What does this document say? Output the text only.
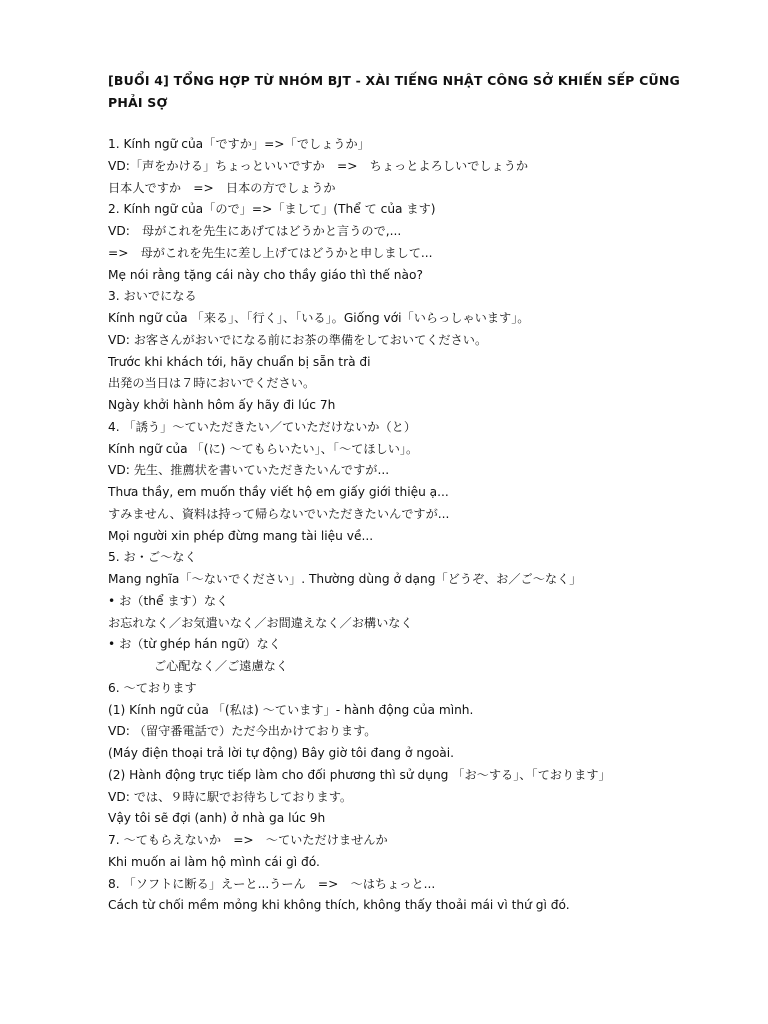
[BUỔI 4] TỔNG HỢP TỪ NHÓM BJT - XÀI TIẾNG NHẬT CÔNG SỞ KHIẾN SẾP CŨNG PHẢI SỢ
1. Kính ngữ của「ですか」=>「でしょうか」
VD:「声をかける」ちょっといいですか　=>　ちょっとよろしいでしょうか
日本人ですか　=>　日本の方でしょうか
2. Kính ngữ của「ので」=>「まして」(Thể て của ます)
VD:　母がこれを先生にあげてはどうかと言うので,...
=>　母がこれを先生に差し上げてはどうかと申しまして...
Mẹ nói rằng tặng cái này cho thầy giáo thì thế nào?
3. おいでになる
Kính ngữ của 「来る」、「行く」、「いる」。Giống với「いらっしゃいます」。
VD: お客さんがおいでになる前にお茶の準備をしておいてください。
Trước khi khách tới, hãy chuẩn bị sẵn trà đi
出発の当日は７時においでください。
Ngày khởi hành hôm ấy hãy đi lúc 7h
4. 「誘う」〜ていただきたい／ていただけないか（と）
Kính ngữ của 「(に) 〜てもらいたい」、「〜てほしい」。
VD: 先生、推薦状を書いていただきたいんですが...
Thưa thầy, em muốn thầy viết hộ em giấy giới thiệu ạ...
すみません、資料は持って帰らないでいただきたいんですが...
Mọi người xin phép đừng mang tài liệu về...
5. お・ご〜なく
Mang nghĩa「〜ないでください」. Thường dùng ở dạng「どうぞ、お／ご〜なく」
• お（thể ます）なく
お忘れなく／お気遣いなく／お間違えなく／お構いなく
• お（từ ghép hán ngữ）なく
ご心配なく／ご遠慮なく
6. 〜ております
(1) Kính ngữ của 「(私は) 〜ています」- hành động của mình.
VD: （留守番電話で）ただ今出かけております。
(Máy điện thoại trả lời tự động) Bây giờ tôi đang ở ngoài.
(2) Hành động trực tiếp làm cho đối phương thì sử dụng 「お〜する」、「ております」
VD: では、９時に駅でお待ちしております。
Vậy tôi sẽ đợi (anh) ở nhà ga lúc 9h
7. 〜てもらえないか　=>　〜ていただけませんか
Khi muốn ai làm hộ mình cái gì đó.
8. 「ソフトに断る」えーと...うーん　=>　〜はちょっと...
Cách từ chối mềm mỏng khi không thích, không thấy thoải mái vì thứ gì đó.
